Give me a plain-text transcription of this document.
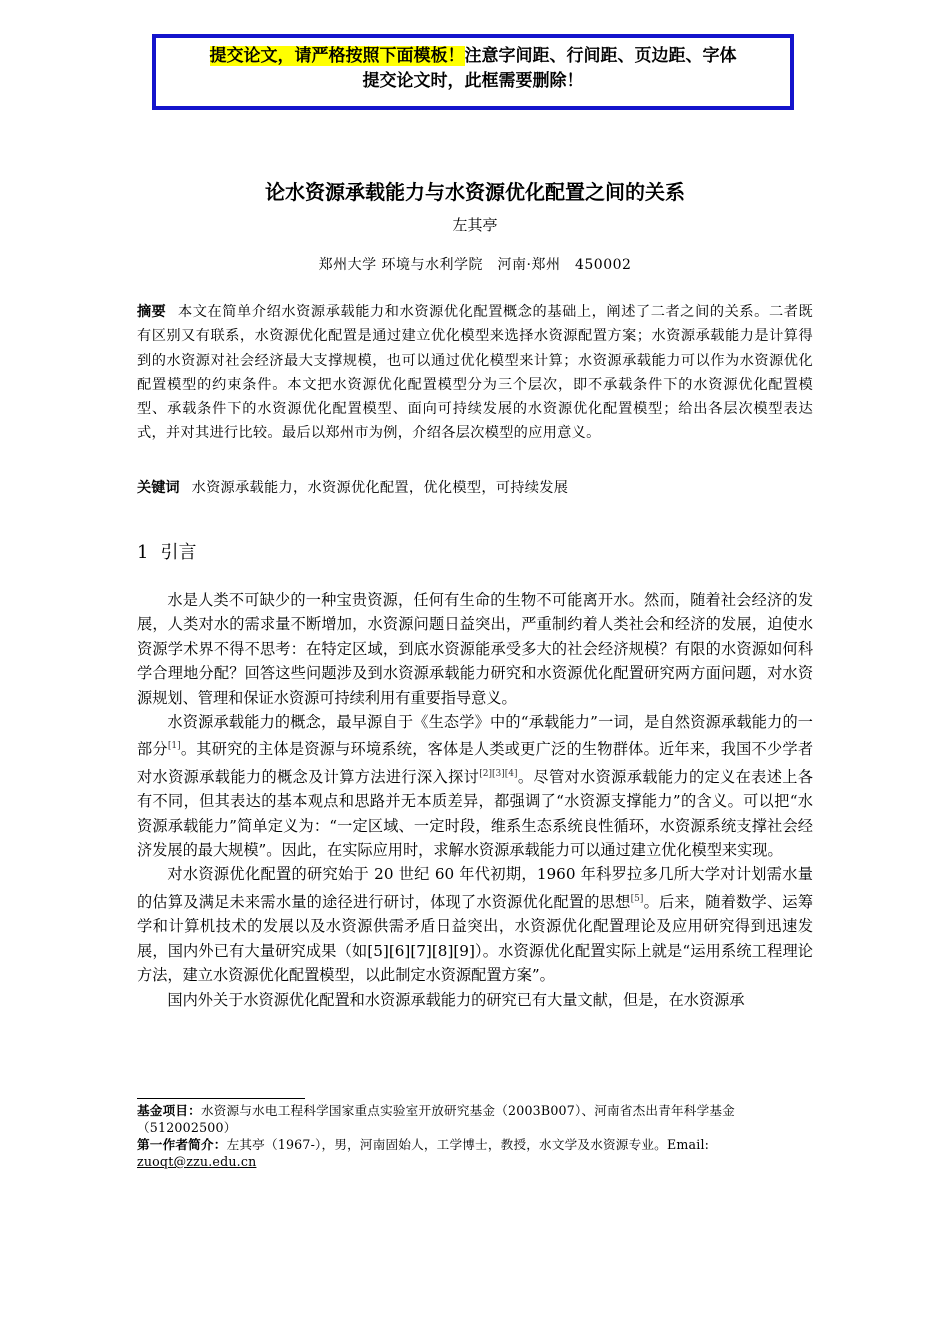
提交论文，请严格按照下面模板！注意字间距、行间距、页边距、字体
提交论文时，此框需要删除！
论水资源承载能力与水资源优化配置之间的关系
左其亭
郑州大学 环境与水利学院　河南·郑州　450002
摘要 本文在简单介绍水资源承载能力和水资源优化配置概念的基础上，阐述了二者之间的关系。二者既有区别又有联系，水资源优化配置是通过建立优化模型来选择水资源配置方案；水资源承载能力是计算得到的水资源对社会经济最大支撑规模，也可以通过优化模型来计算；水资源承载能力可以作为水资源优化配置模型的约束条件。本文把水资源优化配置模型分为三个层次，即不承载条件下的水资源优化配置模型、承载条件下的水资源优化配置模型、面向可持续发展的水资源优化配置模型；给出各层次模型表达式，并对其进行比较。最后以郑州市为例，介绍各层次模型的应用意义。
关键词 水资源承载能力，水资源优化配置，优化模型，可持续发展
1 引言

水是人类不可缺少的一种宝贵资源，任何有生命的生物不可能离开水。然而，随着社会经济的发展，人类对水的需求量不断增加，水资源问题日益突出，严重制约着人类社会和经济的发展，迫使水资源学术界不得不思考：在特定区域，到底水资源能承受多大的社会经济规模？有限的水资源如何科学合理地分配？回答这些问题涉及到水资源承载能力研究和水资源优化配置研究两方面问题，对水资源规划、管理和保证水资源可持续利用有重要指导意义。

水资源承载能力的概念，最早源自于《生态学》中的“承载能力”一词，是自然资源承载能力的一部分[1]。其研究的主体是资源与环境系统，客体是人类或更广泛的生物群体。近年来，我国不少学者对水资源承载能力的概念及计算方法进行深入探讨[2][3][4]。尽管对水资源承载能力的定义在表述上各有不同，但其表达的基本观点和思路并无本质差异，都强调了“水资源支撑能力”的含义。可以把“水资源承载能力”简单定义为：“一定区域、一定时段，维系生态系统良性循环，水资源系统支撑社会经济发展的最大规模”。因此，在实际应用时，求解水资源承载能力可以通过建立优化模型来实现。

对水资源优化配置的研究始于 20 世纪 60 年代初期，1960 年科罗拉多几所大学对计划需水量的估算及满足未来需水量的途径进行研讨，体现了水资源优化配置的思想[5]。后来，随着数学、运筹学和计算机技术的发展以及水资源供需矛盾日益突出，水资源优化配置理论及应用研究得到迅速发展，国内外已有大量研究成果（如[5][6][7][8][9]）。水资源优化配置实际上就是“运用系统工程理论方法，建立水资源优化配置模型，以此制定水资源配置方案”。

国内外关于水资源优化配置和水资源承载能力的研究已有大量文献，但是，在水资源承

基金项目：水资源与水电工程科学国家重点实验室开放研究基金（2003B007）、河南省杰出青年科学基金（512002500）
第一作者简介：左其亭（1967-），男，河南固始人，工学博士，教授，水文学及水资源专业。Email:
zuoqt@zzu.edu.cn
